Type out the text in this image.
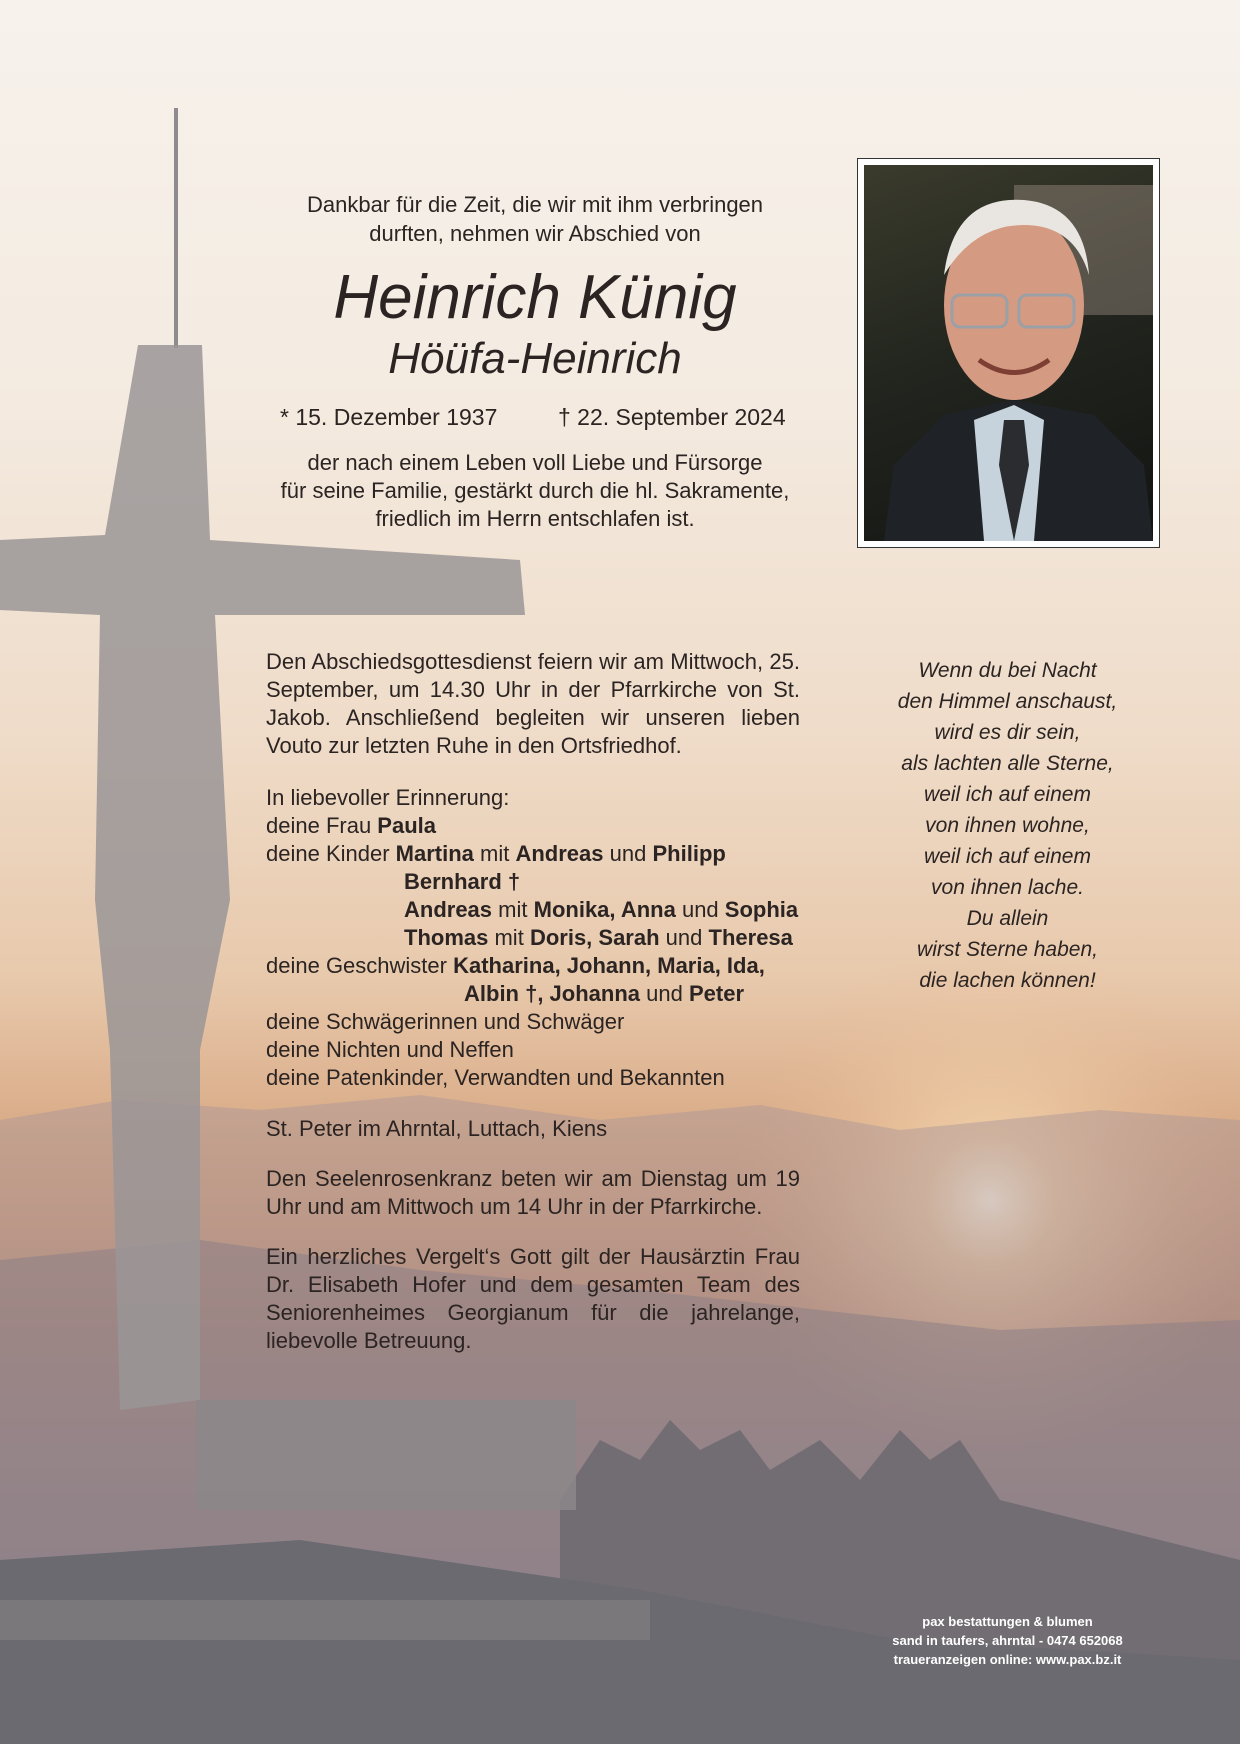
Dankbar für die Zeit, die wir mit ihm verbringen
durften, nehmen wir Abschied von
Heinrich Künig
Höüfa-Heinrich
* 15. Dezember 1937	† 22. September 2024
der nach einem Leben voll Liebe und Fürsorge
für seine Familie, gestärkt durch die hl. Sakramente,
friedlich im Herrn entschlafen ist.
Den Abschiedsgottesdienst feiern wir am Mittwoch, 25. September, um 14.30 Uhr in der Pfarrkirche von St. Jakob. Anschließend begleiten wir unseren lieben Vouto zur letzten Ruhe in den Ortsfriedhof.
In liebevoller Erinnerung:
deine Frau Paula
deine Kinder Martina mit Andreas und Philipp
Bernhard †
Andreas mit Monika, Anna und Sophia
Thomas mit Doris, Sarah und Theresa
deine Geschwister Katharina, Johann, Maria, Ida,
Albin †, Johanna und Peter
deine Schwägerinnen und Schwäger
deine Nichten und Neffen
deine Patenkinder, Verwandten und Bekannten
St. Peter im Ahrntal, Luttach, Kiens
Den Seelenrosenkranz beten wir am Dienstag um 19 Uhr und am Mittwoch um 14 Uhr in der Pfarrkirche.
Ein herzliches Vergelt‘s Gott gilt der Hausärztin Frau Dr. Elisabeth Hofer und dem gesamten Team des Seniorenheimes Georgianum für die jahrelange, liebevolle Betreuung.
Wenn du bei Nacht
den Himmel anschaust,
wird es dir sein,
als lachten alle Sterne,
weil ich auf einem
von ihnen wohne,
weil ich auf einem
von ihnen lache.
Du allein
wirst Sterne haben,
die lachen können!
pax bestattungen & blumen
sand in taufers, ahrntal - 0474 652068
traueranzeigen online: www.pax.bz.it
